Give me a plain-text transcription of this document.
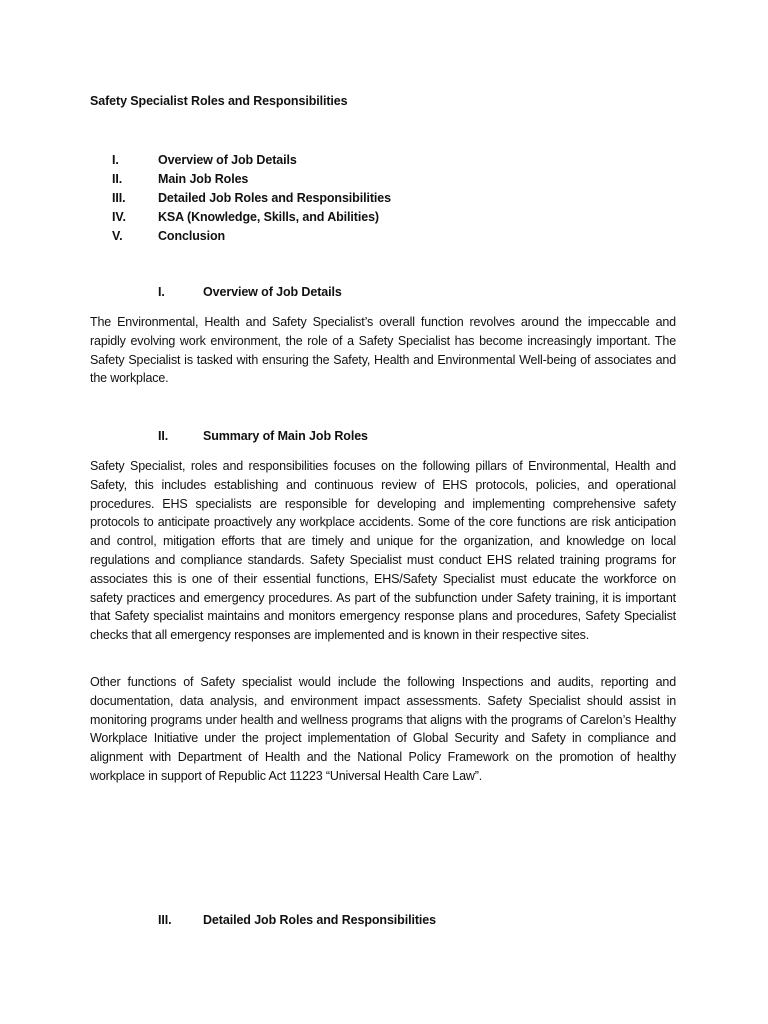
Safety Specialist Roles and Responsibilities
I.	Overview of Job Details
II.	Main Job Roles
III.	Detailed Job Roles and Responsibilities
IV.	KSA (Knowledge, Skills, and Abilities)
V.	Conclusion
I.	Overview of Job Details

The Environmental, Health and Safety Specialist’s overall function revolves around the impeccable and rapidly evolving work environment, the role of a Safety Specialist has become increasingly important. The Safety Specialist is tasked with ensuring the Safety, Health and Environmental Well-being of associates and the workplace.

II.	Summary of Main Job Roles

Safety Specialist, roles and responsibilities focuses on the following pillars of Environmental, Health and Safety, this includes establishing and continuous review of EHS protocols, policies, and operational procedures. EHS specialists are responsible for developing and implementing comprehensive safety protocols to anticipate proactively any workplace accidents. Some of the core functions are risk anticipation and control, mitigation efforts that are timely and unique for the organization, and knowledge on local regulations and compliance standards. Safety Specialist must conduct EHS related training programs for associates this is one of their essential functions, EHS/Safety Specialist must educate the workforce on safety practices and emergency procedures. As part of the subfunction under Safety training, it is important that Safety specialist maintains and monitors emergency response plans and procedures, Safety Specialist checks that all emergency responses are implemented and is known in their respective sites.

Other functions of Safety specialist would include the following Inspections and audits, reporting and documentation, data analysis, and environment impact assessments. Safety Specialist should assist in monitoring programs under health and wellness programs that aligns with the programs of Carelon’s Healthy Workplace Initiative under the project implementation of Global Security and Safety in compliance and alignment with Department of Health and the National Policy Framework on the promotion of healthy workplace in support of Republic Act 11223 “Universal Health Care Law”.

III.	Detailed Job Roles and Responsibilities
